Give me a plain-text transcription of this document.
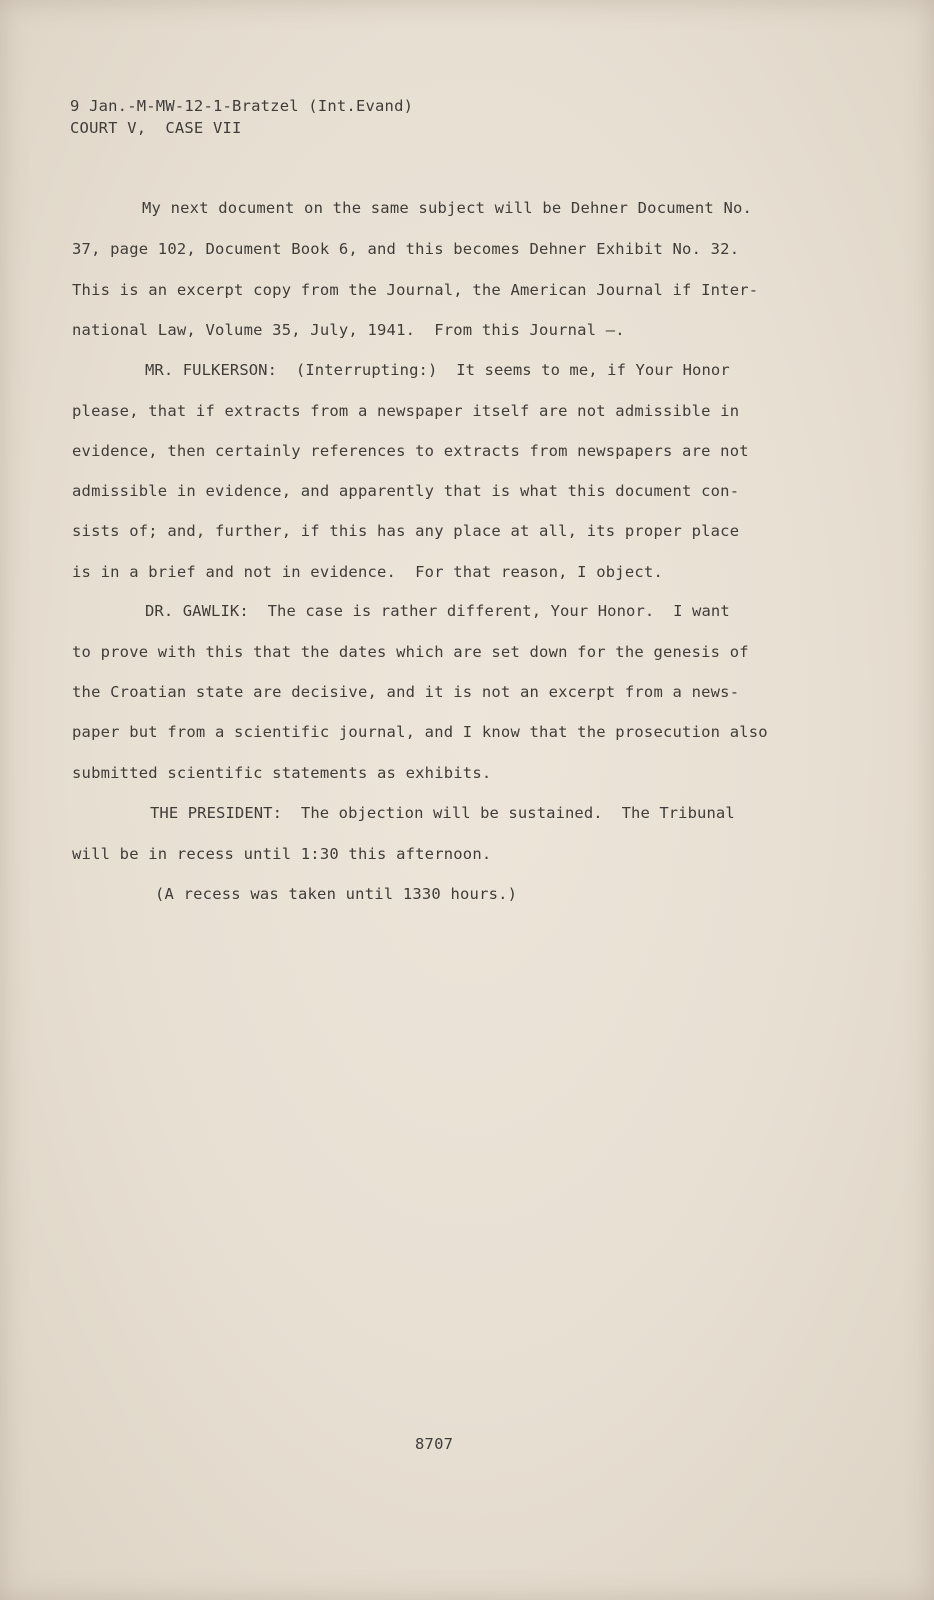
9 Jan.-M-MW-12-1-Bratzel (Int.Evand)
COURT V,  CASE VII
My next document on the same subject will be Dehner Document No.
37, page 102, Document Book 6, and this becomes Dehner Exhibit No. 32.
This is an excerpt copy from the Journal, the American Journal if Inter-
national Law, Volume 35, July, 1941.  From this Journal —.
MR. FULKERSON:  (Interrupting:)  It seems to me, if Your Honor
please, that if extracts from a newspaper itself are not admissible in
evidence, then certainly references to extracts from newspapers are not
admissible in evidence, and apparently that is what this document con-
sists of; and, further, if this has any place at all, its proper place
is in a brief and not in evidence.  For that reason, I object.
DR. GAWLIK:  The case is rather different, Your Honor.  I want
to prove with this that the dates which are set down for the genesis of
the Croatian state are decisive, and it is not an excerpt from a news-
paper but from a scientific journal, and I know that the prosecution also
submitted scientific statements as exhibits.
THE PRESIDENT:  The objection will be sustained.  The Tribunal
will be in recess until 1:30 this afternoon.
(A recess was taken until 1330 hours.)
8707
